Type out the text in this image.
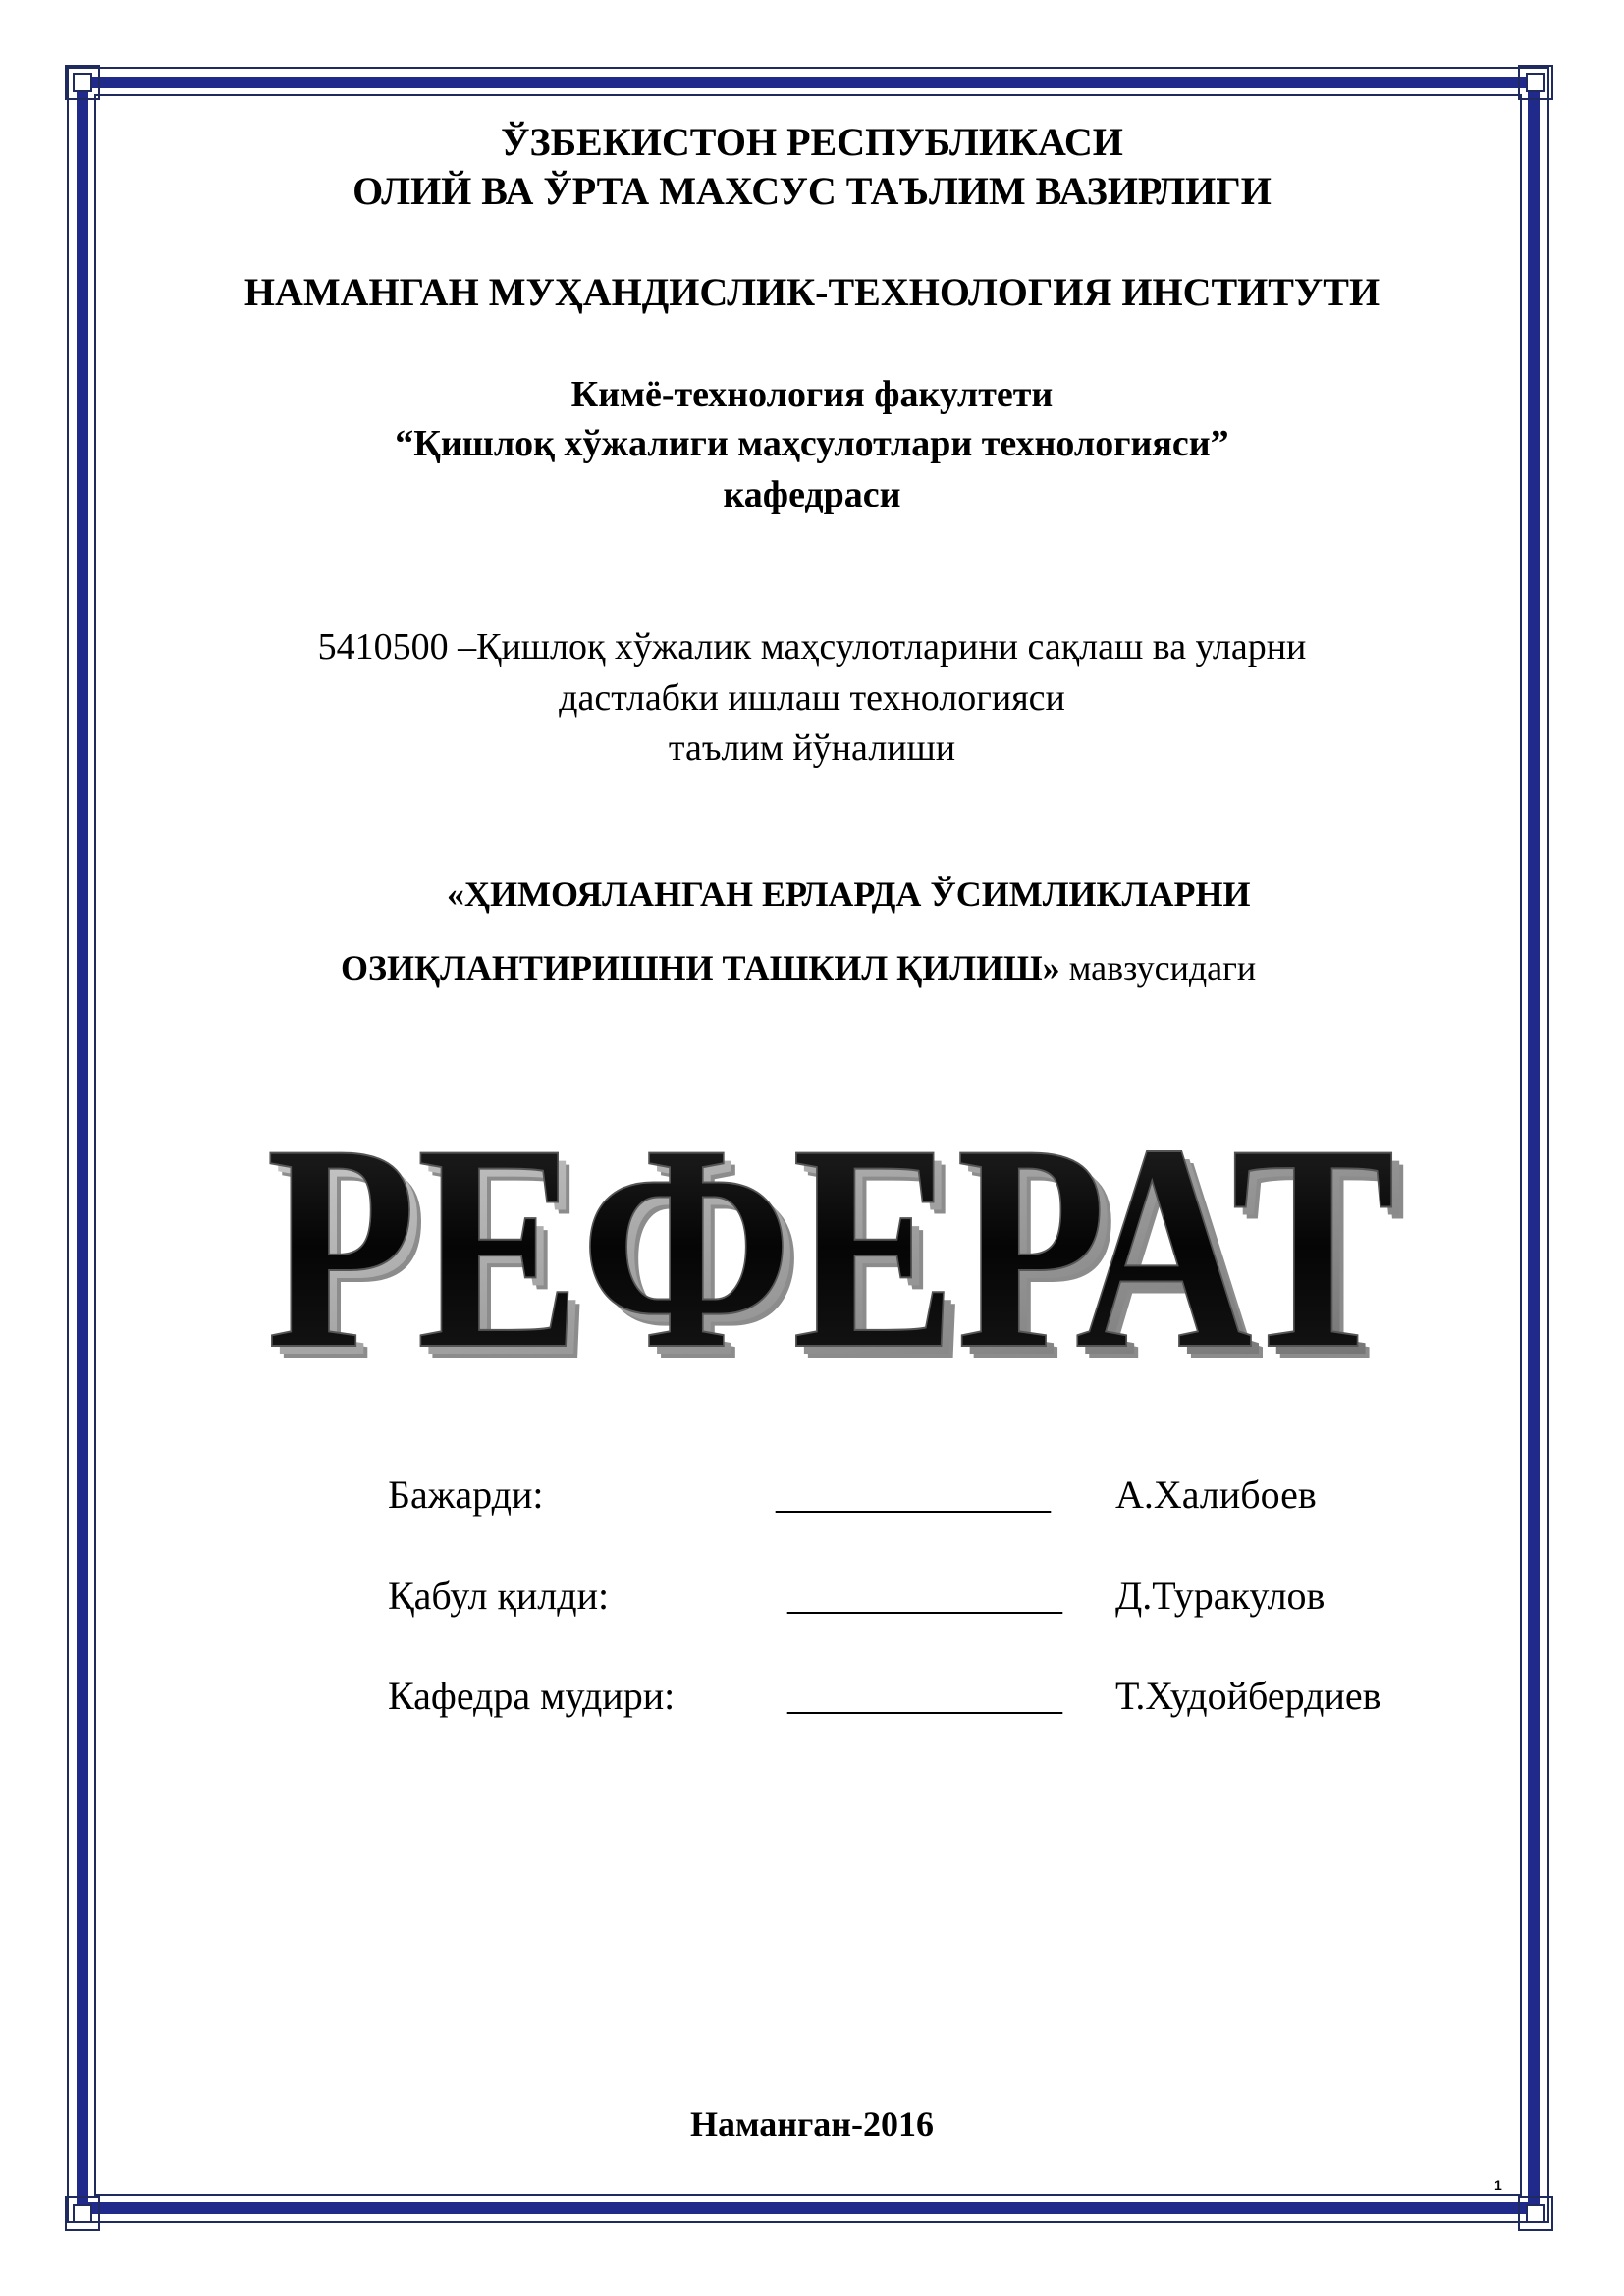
ЎЗБЕКИСТОН РЕСПУБЛИКАСИ
ОЛИЙ ВА ЎРТА МАХСУС ТАЪЛИМ ВАЗИРЛИГИ
НАМАНГАН МУҲАНДИСЛИК-ТЕХНОЛОГИЯ ИНСТИТУТИ
Кимё-технология факултети
“Қишлоқ хўжалиги маҳсулотлари технологияси”
кафедраси
5410500 –Қишлоқ хўжалик маҳсулотларини сақлаш ва уларни
дастлабки ишлаш технологияси
таълим йўналиши
«ҲИМОЯЛАНГАН ЕРЛАРДА ЎСИМЛИКЛАРНИ
ОЗИҚЛАНТИРИШНИ ТАШКИЛ ҚИЛИШ» мавзусидаги
РЕФЕРАТ
РЕФЕРАТ
РЕФЕРАТ
Бажарди:	______________ А.Халибоев
Қабул қилди:	______________ Д.Туракулов
Кафедра мудири:	______________ Т.Худойбердиев
Наманган-2016
1
